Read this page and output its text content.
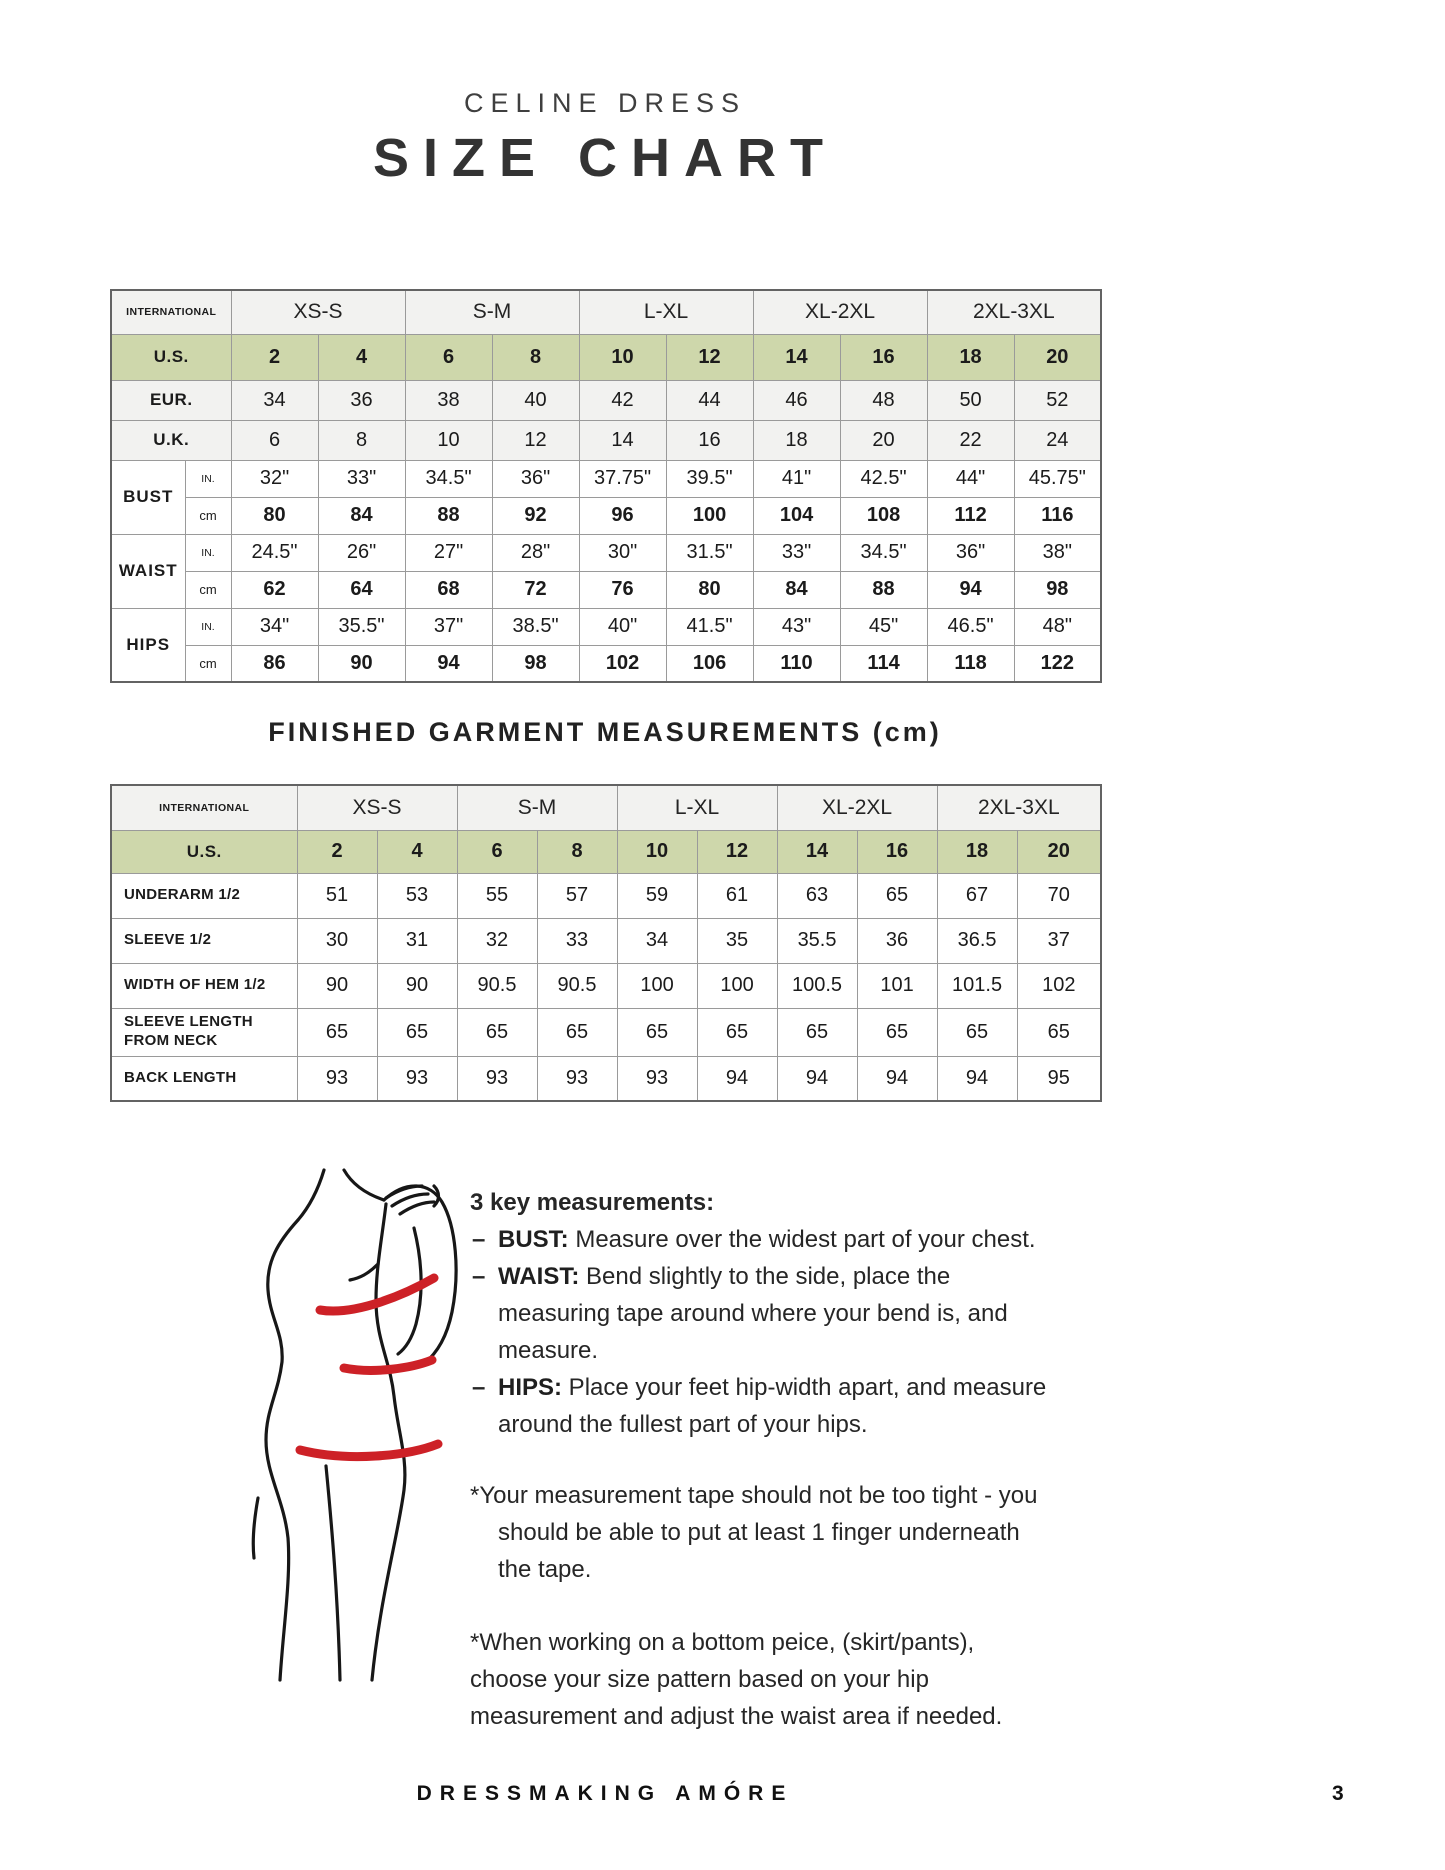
CELINE DRESS
SIZE CHART
INTERNATIONAL		XS-S		S-M		L-XL		XL-2XL		2XL-3XL	
U.S.		2	4	6	8	10	12	14	16	18	20
EUR.		34	36	38	40	42	44	46	48	50	52
U.K.		6	8	10	12	14	16	18	20	22	24
BUST	IN.	32"	33"	34.5"	36"	37.75"	39.5"	41"	42.5"	44"	45.75"
	cm	80	84	88	92	96	100	104	108	112	116
WAIST	IN.	24.5"	26"	27"	28"	30"	31.5"	33"	34.5"	36"	38"
	cm	62	64	68	72	76	80	84	88	94	98
HIPS	IN.	34"	35.5"	37"	38.5"	40"	41.5"	43"	45"	46.5"	48"
	cm	86	90	94	98	102	106	110	114	118	122
FINISHED GARMENT MEASUREMENTS (cm)
INTERNATIONAL	XS-S		S-M		L-XL		XL-2XL		2XL-3XL	
U.S.	2	4	6	8	10	12	14	16	18	20
UNDERARM 1/2	51	53	55	57	59	61	63	65	67	70
SLEEVE 1/2	30	31	32	33	34	35	35.5	36	36.5	37
WIDTH OF HEM 1/2	90	90	90.5	90.5	100	100	100.5	101	101.5	102
SLEEVE LENGTH FROM NECK	65	65	65	65	65	65	65	65	65	65
BACK LENGTH	93	93	93	93	93	94	94	94	94	95

3 key measurements:

– BUST: Measure over the widest part of your chest.

– WAIST: Bend slightly to the side, place the measuring tape around where your bend is, and measure.

– HIPS: Place your feet hip-width apart, and measure around the fullest part of your hips.

*Your measurement tape should not be too tight - you should be able to put at least 1 finger underneath the tape.

*When working on a bottom peice, (skirt/pants), choose your size pattern based on your hip measurement and adjust the waist area if needed.

DRESSMAKING AMÓRE	3
